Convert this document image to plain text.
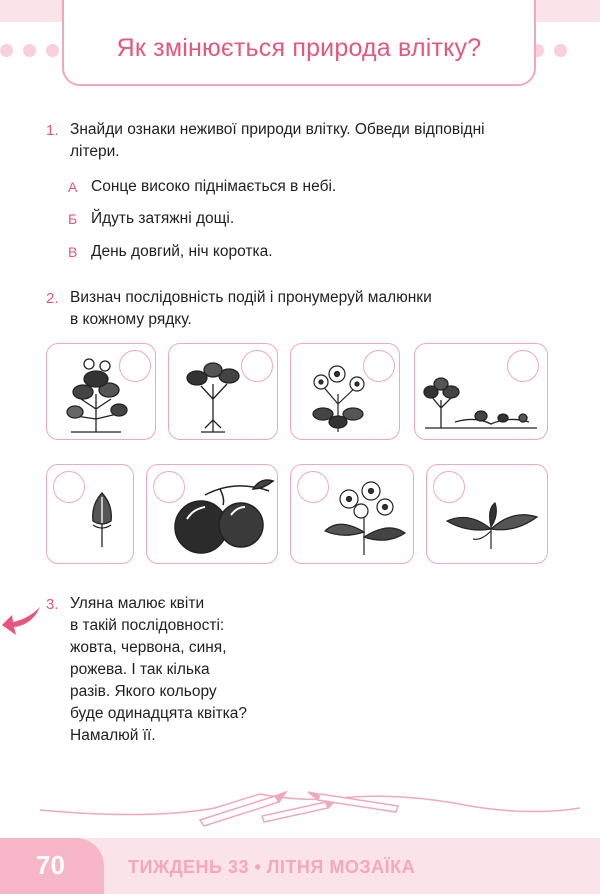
Як змінюється природа влітку?
1. Знайди ознаки неживої природи влітку. Обведи відповідні
літери.
А Сонце високо піднімається в небі.
Б Йдуть затяжні дощі.
В День довгий, ніч коротка.
2. Визнач послідовність подій і пронумеруй малюнки
в кожному рядку.
3. Уляна малює квіти
в такій послідовності:
жовта, червона, синя,
рожева. І так кілька
разів. Якого кольору
буде одинадцята квітка?
Намалюй її.
70	ТИЖДЕНЬ 33 • ЛІТНЯ МОЗАЇКА
